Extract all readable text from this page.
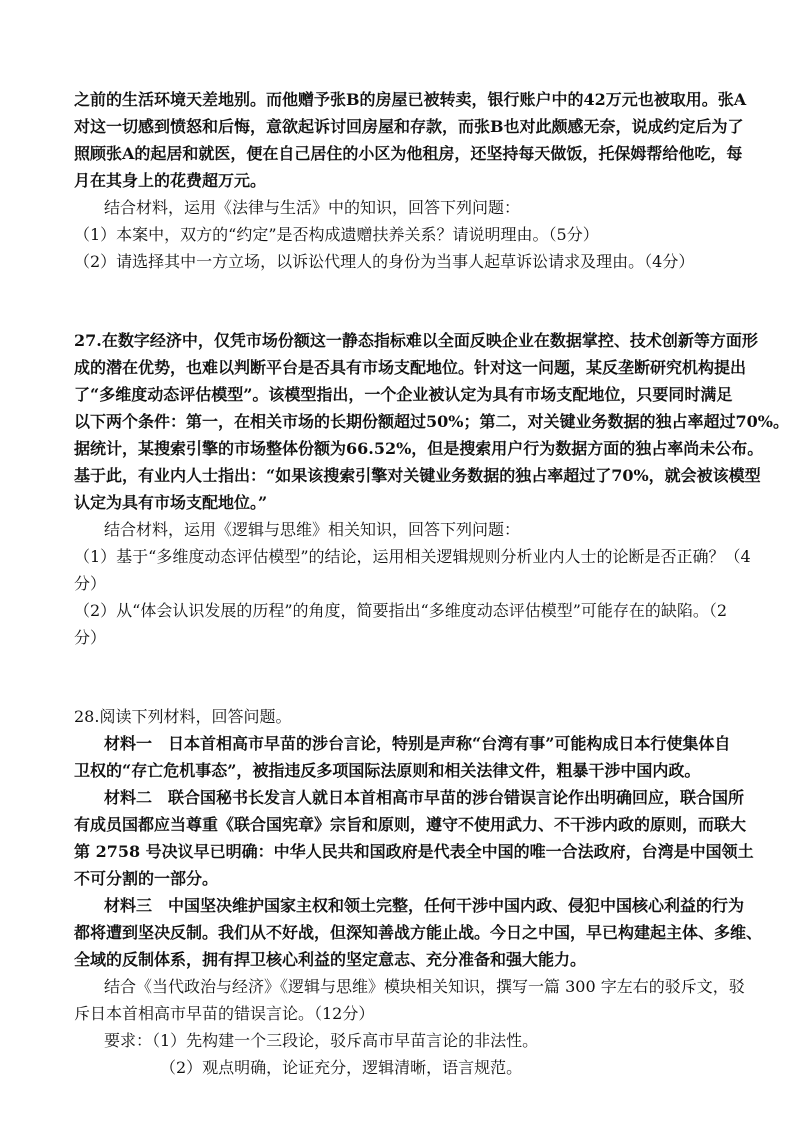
之前的生活环境天差地别。而他赠予张B的房屋已被转卖，银行账户中的42万元也被取用。张A
对这一切感到愤怒和后悔，意欲起诉讨回房屋和存款，而张B也对此颇感无奈，说成约定后为了
照顾张A的起居和就医，便在自己居住的小区为他租房，还坚持每天做饭，托保姆帮给他吃，每
月在其身上的花费超万元。
结合材料，运用《法律与生活》中的知识，回答下列问题：
（1）本案中，双方的“约定”是否构成遗赠扶养关系？请说明理由。（5分）
（2）请选择其中一方立场，以诉讼代理人的身份为当事人起草诉讼请求及理由。（4分）
27.在数字经济中，仅凭市场份额这一静态指标难以全面反映企业在数据掌控、技术创新等方面形
成的潜在优势，也难以判断平台是否具有市场支配地位。针对这一问题，某反垄断研究机构提出
了“多维度动态评估模型”。该模型指出，一个企业被认定为具有市场支配地位，只要同时满足
以下两个条件：第一，在相关市场的长期份额超过50%；第二，对关键业务数据的独占率超过70%。
据统计，某搜索引擎的市场整体份额为66.52%，但是搜索用户行为数据方面的独占率尚未公布。
基于此，有业内人士指出：“如果该搜索引擎对关键业务数据的独占率超过了70%，就会被该模型
认定为具有市场支配地位。”
结合材料，运用《逻辑与思维》相关知识，回答下列问题：
（1）基于“多维度动态评估模型”的结论，运用相关逻辑规则分析业内人士的论断是否正确？（4
分）
（2）从“体会认识发展的历程”的角度，简要指出“多维度动态评估模型”可能存在的缺陷。（2
分）
28.阅读下列材料，回答问题。
材料一　日本首相高市早苗的涉台言论，特别是声称“台湾有事”可能构成日本行使集体自
卫权的“存亡危机事态”，被指违反多项国际法原则和相关法律文件，粗暴干涉中国内政。
材料二　联合国秘书长发言人就日本首相高市早苗的涉台错误言论作出明确回应，联合国所
有成员国都应当尊重《联合国宪章》宗旨和原则，遵守不使用武力、不干涉内政的原则，而联大
第 2758 号决议早已明确：中华人民共和国政府是代表全中国的唯一合法政府，台湾是中国领土
不可分割的一部分。
材料三　中国坚决维护国家主权和领土完整，任何干涉中国内政、侵犯中国核心利益的行为
都将遭到坚决反制。我们从不好战，但深知善战方能止战。今日之中国，早已构建起主体、多维、
全域的反制体系，拥有捍卫核心利益的坚定意志、充分准备和强大能力。
结合《当代政治与经济》《逻辑与思维》模块相关知识，撰写一篇 300 字左右的驳斥文，驳
斥日本首相高市早苗的错误言论。（12分）
要求：（1）先构建一个三段论，驳斥高市早苗言论的非法性。
（2）观点明确，论证充分，逻辑清晰，语言规范。
